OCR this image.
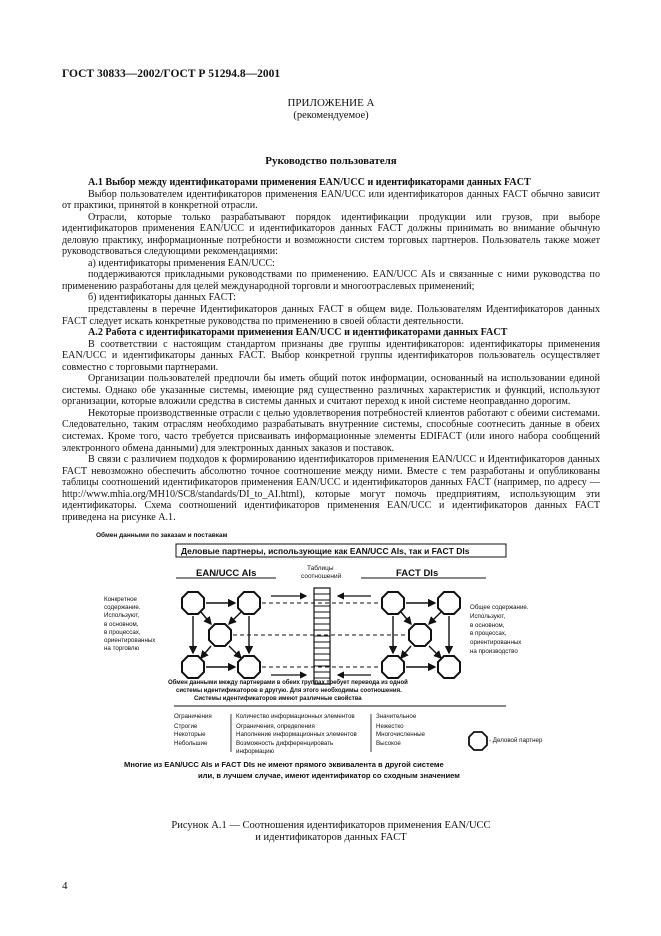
ГОСТ 30833—2002/ГОСТ Р 51294.8—2001
ПРИЛОЖЕНИЕ А
(рекомендуемое)
Руководство пользователя

А.1 Выбор между идентификаторами применения EAN/UCC и идентификаторами данных FACT

Выбор пользователем идентификаторов применения EAN/UCC или идентификаторов данных FACT обычно зависит от практики, принятой в конкретной отрасли.

Отрасли, которые только разрабатывают порядок идентификации продукции или грузов, при выборе идентификаторов применения EAN/UCC и идентификаторов данных FACT должны принимать во внимание обычную деловую практику, информационные потребности и возможности систем торговых партнеров. Пользователь также может руководствоваться следующими рекомендациями:

а) идентификаторы применения EAN/UCC:

поддерживаются прикладными руководствами по применению. EAN/UCC AIs и связанные с ними руководства по применению разработаны для целей международной торговли и многоотраслевых применений;

б) идентификаторы данных FACT:

представлены в перечне Идентификаторов данных FACT в общем виде. Пользователям Идентификаторов данных FACT следует искать конкретные руководства по применению в своей области деятельности.

А.2 Работа с идентификаторами применения EAN/UCC и идентификаторами данных FACT

В соответствии с настоящим стандартом признаны две группы идентификаторов: идентификаторы применения EAN/UCC и идентификаторы данных FACT. Выбор конкретной группы идентификаторов пользователь осуществляет совместно с торговыми партнерами.

Организации пользователей предпочли бы иметь общий поток информации, основанный на использовании единой системы. Однако обе указанные системы, имеющие ряд существенно различных характеристик и функций, используют организации, которые вложили средства в системы данных и считают переход к иной системе неоправданно дорогим.

Некоторые производственные отрасли с целью удовлетворения потребностей клиентов работают с обеими системами. Следовательно, таким отраслям необходимо разрабатывать внутренние системы, способные соотнесить данные в обеих системах. Кроме того, часто требуется присваивать информационные элементы EDIFACT (или иного набора сообщений электронного обмена данными) для электронных данных заказов и поставок.

В связи с различием подходов к формированию идентификаторов применения EAN/UCC и Идентификаторов данных FACT невозможно обеспечить абсолютно точное соотношение между ними. Вместе с тем разработаны и опубликованы таблицы соотношений идентификаторов применения EAN/UCC и идентификаторов данных FACT (например, по адресу — http://www.mhia.org/MH10/SC8/standards/DI_to_AI.html), которые могут помочь предприятиям, использующим эти идентификаторы. Схема соотношений идентификаторов применения EAN/UCC и идентификаторов данных FACT приведена на рисунке А.1.

Обмен данными по заказам и поставкам
Деловые партнеры, использующие как EAN/UCC AIs, так и FACT DIs
EAN/UCC AIs	Таблицы
соотношений	FACT DIs
Конкретное
содержание.
Используют,
в основном,
в процессах,
ориентированных
на торговлю
Общее содержание.
Используют,
в основном,
в процессах,
ориентированных
на производство
Обмен данными между партнерами в обеих группах требует перевода из одной
системы идентификаторов в другую. Для этого необходимы соотношения.
Системы идентификаторов имеют различные свойства
Ограничения	Количество информационных элементов	Значительное
Строгие
Некоторые
Небольшие
Ограничения, определения
Наполнение информационных элементов
Возможность дифференцировать
информацию
Нежестко
Многочисленные
Высокое	- Деловой партнер
Многие из EAN/UCC AIs и FACT DIs не имеют прямого эквивалента в другой системе
или, в лучшем случае, имеют идентификатор со сходным значением
Рисунок А.1 — Соотношения идентификаторов применения EAN/UCC
и идентификаторов данных FACT
4
